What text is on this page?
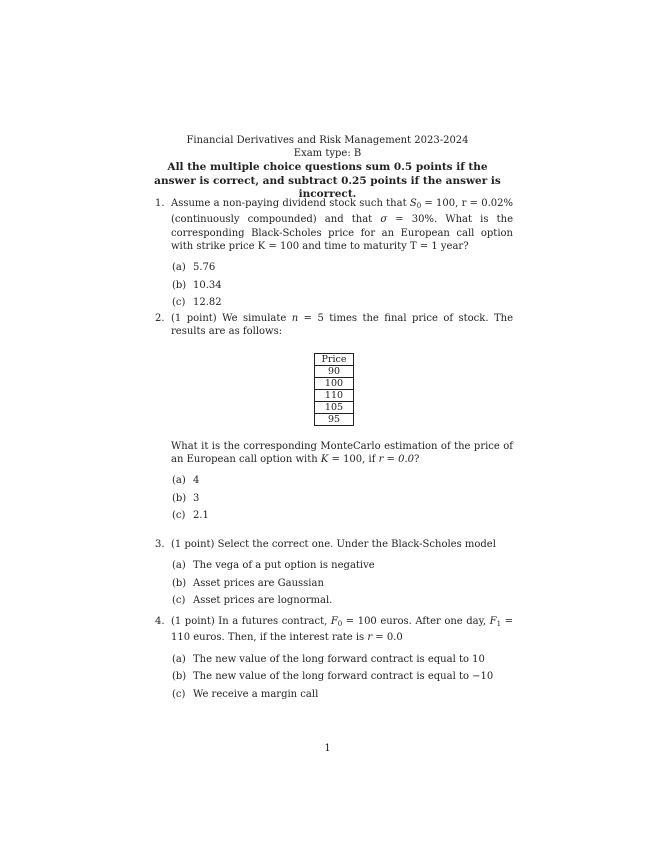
Financial Derivatives and Risk Management 2023-2024
Exam type: B
All the multiple choice questions sum 0.5 points if the answer is correct, and subtract 0.25 points if the answer is incorrect.
1. Assume a non-paying dividend stock such that $S_0 = 100$, r = 0.02% (continuously compounded) and that σ = 30%. What is the corresponding Black-Scholes price for an European call option with strike price K = 100 and time to maturity T = 1 year?
(a) 5.76
(b) 10.34
(c) 12.82
2. (1 point) We simulate n = 5 times the final price of stock. The results are as follows:
Price
90
100
110
105
95
What it is the corresponding MonteCarlo estimation of the price of an European call option with K = 100, if r = 0.0?
(a) 4
(b) 3
(c) 2.1
3. (1 point) Select the correct one. Under the Black-Scholes model
(a) The vega of a put option is negative
(b) Asset prices are Gaussian
(c) Asset prices are lognormal.
4. (1 point) In a futures contract, $F_0 = 100$ euros. After one day, $F_1 = 110$ euros. Then, if the interest rate is r = 0.0
(a) The new value of the long forward contract is equal to 10
(b) The new value of the long forward contract is equal to −10
(c) We receive a margin call
1
